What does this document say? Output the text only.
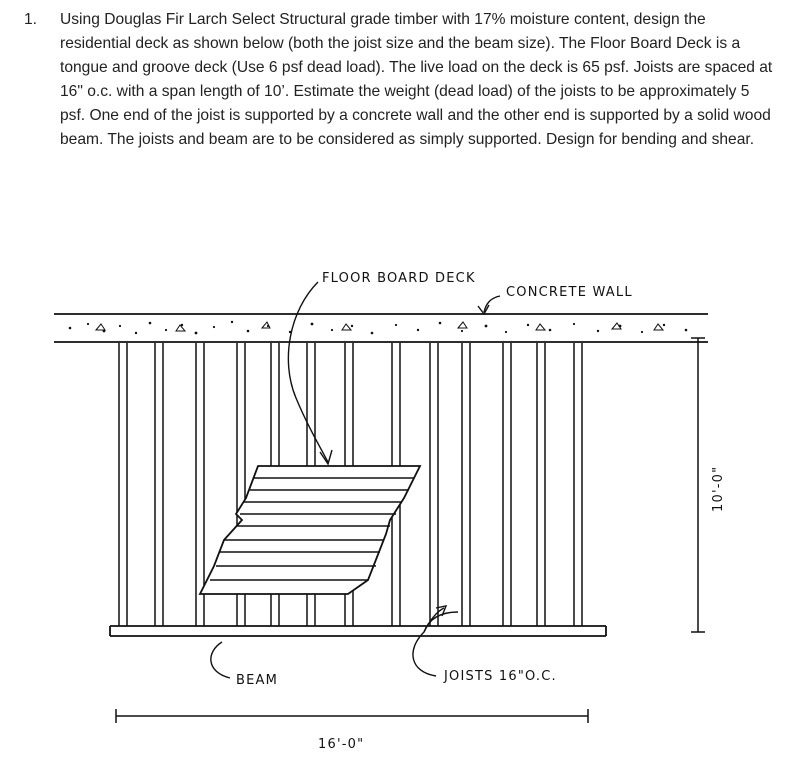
1. Using Douglas Fir Larch Select Structural grade timber with 17% moisture content, design the residential deck as shown below (both the joist size and the beam size). The Floor Board Deck is a tongue and groove deck (Use 6 psf dead load). The live load on the deck is 65 psf. Joists are spaced at 16" o.c. with a span length of 10’. Estimate the weight (dead load) of the joists to be approximately 5 psf. One end of the joist is supported by a concrete wall and the other end is supported by a solid wood beam. The joists and beam are to be considered as simply supported. Design for bending and shear.
FLOOR BOARD DECK
CONCRETE WALL
BEAM	JOISTS 16"O.C.
10'-0"
16'-0"
